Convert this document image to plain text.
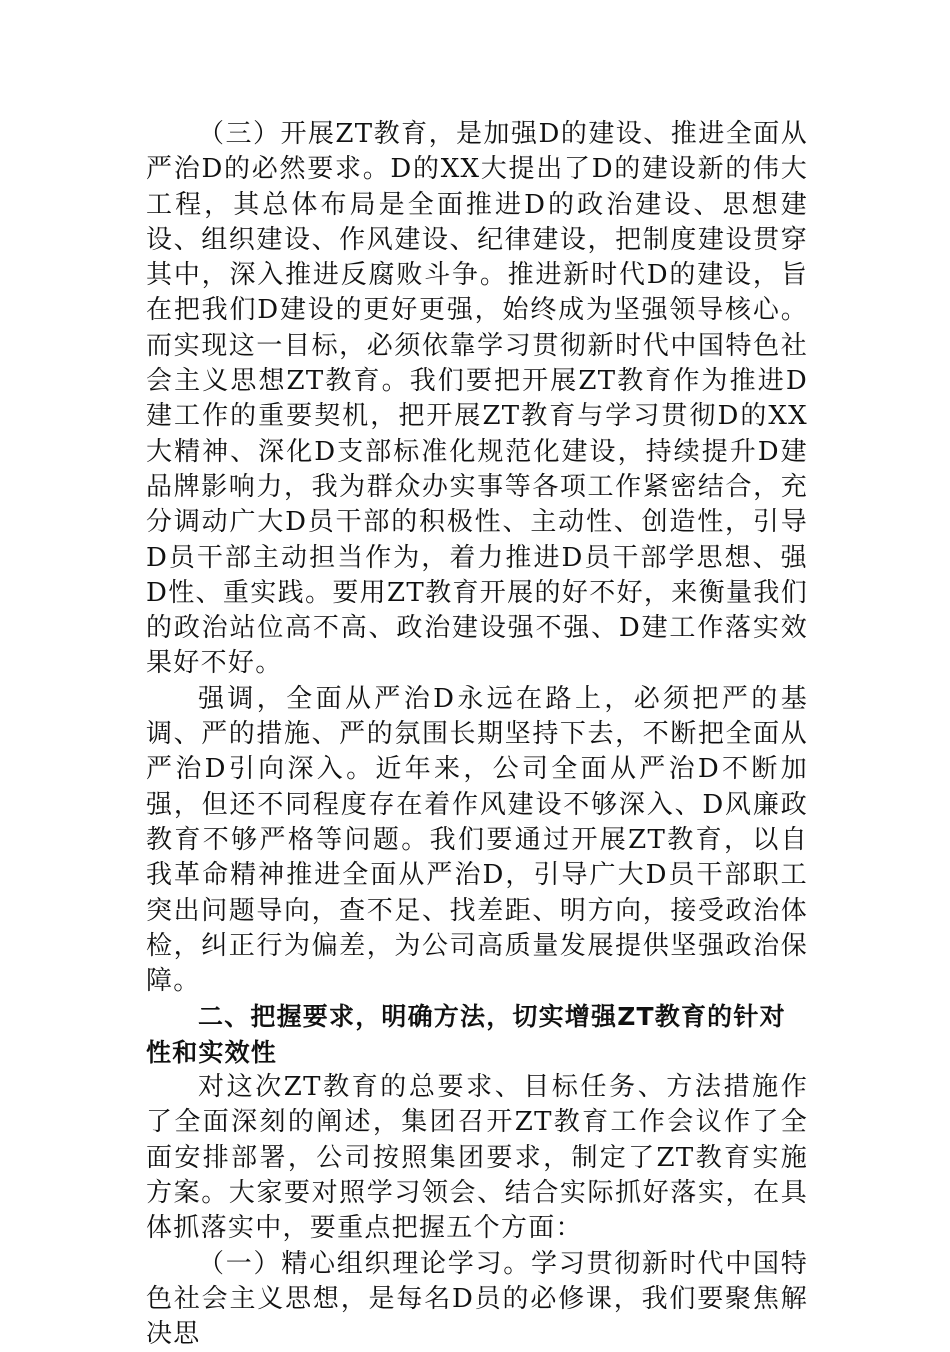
（三）开展ZT教育，是加强D的建设、推进全面从严治D的必然要求。D的XX大提出了D的建设新的伟大工程，其总体布局是全面推进D的政治建设、思想建设、组织建设、作风建设、纪律建设，把制度建设贯穿其中，深入推进反腐败斗争。推进新时代D的建设，旨在把我们D建设的更好更强，始终成为坚强领导核心。而实现这一目标，必须依靠学习贯彻新时代中国特色社会主义思想ZT教育。我们要把开展ZT教育作为推进D建工作的重要契机，把开展ZT教育与学习贯彻D的XX大精神、深化D支部标准化规范化建设，持续提升D建品牌影响力，我为群众办实事等各项工作紧密结合，充分调动广大D员干部的积极性、主动性、创造性，引导D员干部主动担当作为，着力推进D员干部学思想、强D性、重实践。要用ZT教育开展的好不好，来衡量我们的政治站位高不高、政治建设强不强、D建工作落实效果好不好。

强调，全面从严治D永远在路上，必须把严的基调、严的措施、严的氛围长期坚持下去，不断把全面从严治D引向深入。近年来，公司全面从严治D不断加强，但还不同程度存在着作风建设不够深入、D风廉政教育不够严格等问题。我们要通过开展ZT教育，以自我革命精神推进全面从严治D，引导广大D员干部职工突出问题导向，查不足、找差距、明方向，接受政治体检，纠正行为偏差，为公司高质量发展提供坚强政治保障。

二、把握要求，明确方法，切实增强ZT教育的针对性和实效性

对这次ZT教育的总要求、目标任务、方法措施作了全面深刻的阐述，集团召开ZT教育工作会议作了全面安排部署，公司按照集团要求，制定了ZT教育实施方案。大家要对照学习领会、结合实际抓好落实，在具体抓落实中，要重点把握五个方面：

（一）精心组织理论学习。学习贯彻新时代中国特色社会主义思想，是每名D员的必修课，我们要聚焦解决思
